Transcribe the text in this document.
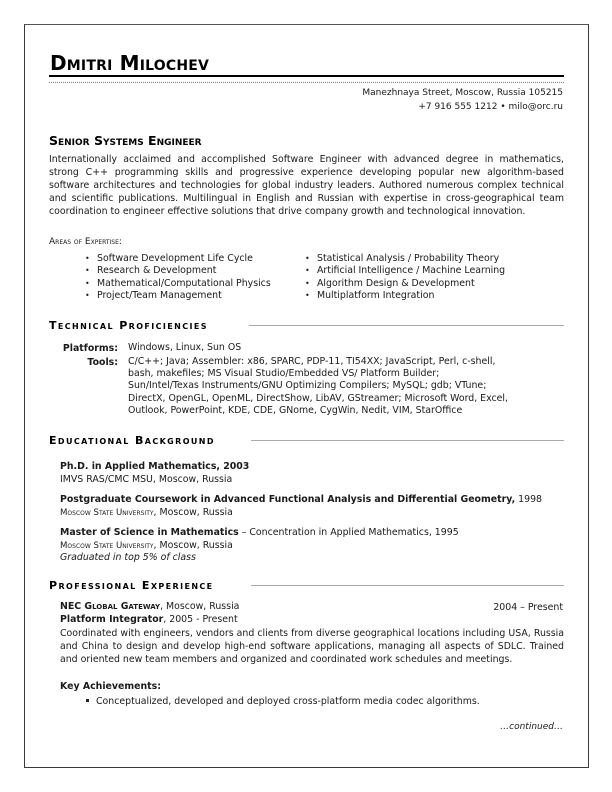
Dmitri Milochev
Manezhnaya Street, Moscow, Russia 105215
+7 916 555 1212 • milo@orc.ru
Senior Systems Engineer
Internationally acclaimed and accomplished Software Engineer with advanced degree in mathematics, strong C++ programming skills and progressive experience developing popular new algorithm-based software architectures and technologies for global industry leaders. Authored numerous complex technical and scientific publications. Multilingual in English and Russian with expertise in cross-geographical team coordination to engineer effective solutions that drive company growth and technological innovation.
Areas of Expertise:
• Software Development Life Cycle
• Research & Development
• Mathematical/Computational Physics
• Project/Team Management
• Statistical Analysis / Probability Theory
• Artificial Intelligence / Machine Learning
• Algorithm Design & Development
• Multiplatform Integration
Technical Proficiencies
Platforms: Windows, Linux, Sun OS
Tools: C/C++; Java; Assembler: x86, SPARC, PDP-11, TI54XX; JavaScript, Perl, c-shell,
bash, makefiles; MS Visual Studio/Embedded VS/ Platform Builder;
Sun/Intel/Texas Instruments/GNU Optimizing Compilers; MySQL; gdb; VTune;
DirectX, OpenGL, OpenML, DirectShow, LibAV, GStreamer; Microsoft Word, Excel,
Outlook, PowerPoint, KDE, CDE, GNome, CygWin, Nedit, VIM, StarOffice
Educational Background
Ph.D. in Applied Mathematics, 2003
IMVS RAS/CMC MSU, Moscow, Russia
Postgraduate Coursework in Advanced Functional Analysis and Differential Geometry, 1998
Moscow State University, Moscow, Russia
Master of Science in Mathematics – Concentration in Applied Mathematics, 1995
Moscow State University, Moscow, Russia
Graduated in top 5% of class
Professional Experience
NEC Global Gateway, Moscow, Russia	2004 – Present
Platform Integrator, 2005 - Present
Coordinated with engineers, vendors and clients from diverse geographical locations including USA, Russia and China to design and develop high-end software applications, managing all aspects of SDLC. Trained and oriented new team members and organized and coordinated work schedules and meetings.
Key Achievements:
Conceptualized, developed and deployed cross-platform media codec algorithms.
…continued…
